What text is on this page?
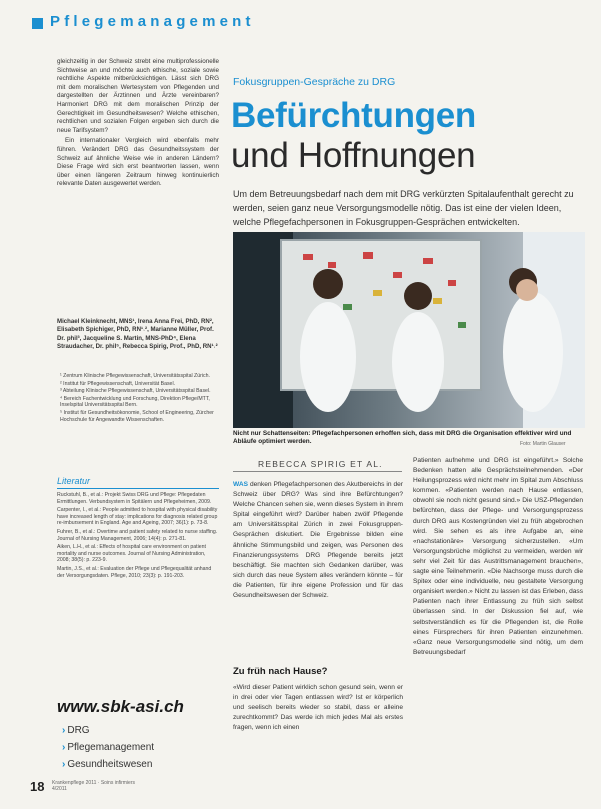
Pflegemanagement

gleichzeitig in der Schweiz strebt eine multiprofessionelle Sichtweise an und möchte auch ethische, soziale sowie rechtliche Aspekte mitberücksichtigen. Lässt sich DRG mit dem moralischen Wertesystem von Pflegenden und dargestellten der Ärztinnen und Ärzte vereinbaren? Harmoniert DRG mit dem moralischen Prinzip der Gerechtigkeit im Gesundheitswesen? Welche ethischen, rechtlichen und sozialen Folgen ergeben sich durch die neue Tarifsystem?

Ein internationaler Vergleich wird ebenfalls mehr führen. Verändert DRG das Gesundheitssystem der Schweiz auf ähnliche Weise wie in anderen Ländern? Diese Frage wird sich erst beantworten lassen, wenn über einen längeren Zeitraum hinweg kontinuierlich relevante Daten ausgewertet werden.

Michael Kleinknecht, MNS¹, Irena Anna Frei, PhD, RN², Elisabeth Spichiger, PhD, RN¹˒², Marianne Müller, Prof. Dr. phil³, Jacqueline S. Martin, MNS-PhD⁴, Elena Straudacher, Dr. phil⁵, Rebecca Spirig, Prof., PhD, RN¹˒²
¹ Zentrum Klinische Pflegewissenschaft, Universitätsspital Zürich.
² Institut für Pflegewissenschaft, Universität Basel.
³ Abteilung Klinische Pflegewissenschaft, Universitätsspital Basel.
⁴ Bereich Fachentwicklung und Forschung, Direktion Pflege/MTT, Inselspital Universitätsspital Bern.
⁵ Institut für Gesundheitsökonomie, School of Engineering, Zürcher Hochschule für Angewandte Wissenschaften.
Literatur
Ruckstuhl, B., et al.: Projekt Swiss DRG und Pflege: Pflegedaten Ermittlungen. Verbundsystem in Spitälern und Pflegeheimen, 2009.
Carpenter, I., et al.: People admitted to hospital with physical disability have increased length of stay: implications for diagnosis related group re-imbursement in England. Age and Ageing, 2007; 36(1): p. 73-8.
Fuhrer, B., et al.: Overtime and patient safety related to nurse staffing. Journal of Nursing Management, 2006; 14(4): p. 271-81.
Aiken, L.H., et al.: Effects of hospital care environment on patient mortality and nurse outcomes. Journal of Nursing Administration, 2008; 38(5): p. 223-9.
Martin, J.S., et al.: Evaluation der Pflege und Pflegequalität anhand der Versorgungsdaten. Pflege, 2010; 23(3): p. 191-203.
www.sbk-asi.ch
› DRG
› Pflegemanagement
› Gesundheitswesen
18 Krankenpflege 2011 · Soins infirmiers 4/2011
Fokusgruppen-Gespräche zu DRG
Befürchtungen
und Hoffnungen
Um dem Betreuungsbedarf nach dem mit DRG verkürzten Spitalaufenthalt gerecht zu werden, seien ganz neue Versorgungsmodelle nötig. Das ist eine der vielen Ideen, welche Pflegefachpersonen in Fokusgruppen-Gesprächen entwickelten.
Nicht nur Schattenseiten: Pflegefachpersonen erhoffen sich, dass mit DRG die Organisation effektiver wird und Abläufe optimiert werden.	Foto: Martin Glauser
REBECCA SPIRIG ET AL.

WAS denken Pflegefachpersonen des Akutbereichs in der Schweiz über DRG? Was sind ihre Befürchtungen? Welche Chancen sehen sie, wenn dieses System in ihrem Spital eingeführt wird? Darüber haben zwölf Pflegende am Universitätsspital Zürich in zwei Fokusgruppen-Gesprächen diskutiert. Die Ergebnisse bilden eine ähnliche Stimmungsbild und zeigen, was Personen des Finanzierungssystems DRG Pflegende bereits jetzt beschäftigt. Sie machten sich Gedanken darüber, was sich durch das neue System alles verändern könnte – für die Patienten, für ihre eigene Profession und für das Gesundheitswesen der Schweiz.

Zu früh nach Hause?
«Wird dieser Patient wirklich schon gesund sein, wenn er in drei oder vier Tagen entlassen wird? Ist er körperlich und seelisch bereits wieder so stabil, dass er alleine zurechtkommt? Das werde ich mich jedes Mal als erstes fragen, wenn ich einen

Patienten aufnehme und DRG ist eingeführt.» Solche Bedenken hatten alle Gesprächsteilnehmenden. «Der Heilungsprozess wird nicht mehr im Spital zum Abschluss kommen. «Patienten werden nach Hause entlassen, obwohl sie noch nicht gesund sind.» Die USZ-Pflegenden befürchten, dass der Pflege- und Versorgungsprozess durch DRG aus Kostengründen viel zu früh abgebrochen wird. Sie sehen es als ihre Aufgabe an, eine «nachstationäre» Versorgung sicherzustellen. «Um Versorgungsbrüche möglichst zu vermeiden, werden wir sehr viel Zeit für das Austrittsmanagement brauchen», sagte eine Teilnehmerin. «Die Nachsorge muss durch die Spitex oder eine individuelle, neu gestaltete Versorgung organisiert werden.» Nicht zu lassen ist das Erleben, dass Patienten nach ihrer Entlassung zu früh sich selbst überlassen sind. In der Diskussion fiel auf, wie selbstverständlich es für die Pflegenden ist, die Rolle eines Fürsprechers für ihren Patienten einzunehmen. «Ganz neue Versorgungsmodelle sind nötig, um dem Betreuungsbedarf
